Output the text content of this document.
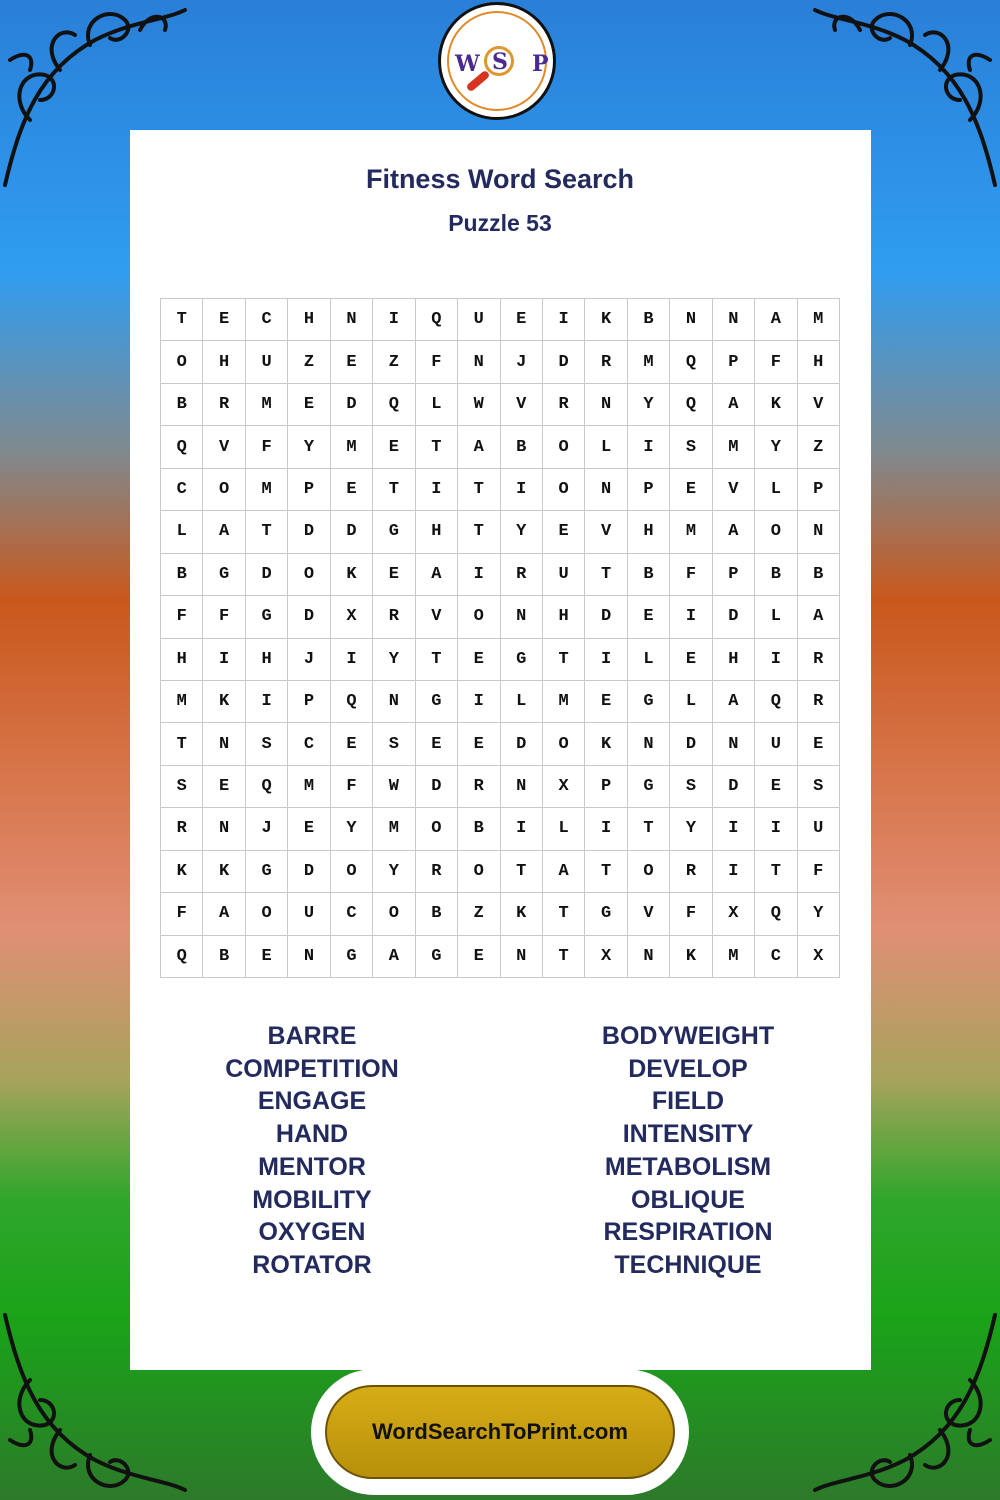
W S P
Fitness Word Search
Puzzle 53
T	E	C	H	N	I	Q	U	E	I	K	B	N	N	A	M
O	H	U	Z	E	Z	F	N	J	D	R	M	Q	P	F	H
B	R	M	E	D	Q	L	W	V	R	N	Y	Q	A	K	V
Q	V	F	Y	M	E	T	A	B	O	L	I	S	M	Y	Z
C	O	M	P	E	T	I	T	I	O	N	P	E	V	L	P
L	A	T	D	D	G	H	T	Y	E	V	H	M	A	O	N
B	G	D	O	K	E	A	I	R	U	T	B	F	P	B	B
F	F	G	D	X	R	V	O	N	H	D	E	I	D	L	A
H	I	H	J	I	Y	T	E	G	T	I	L	E	H	I	R
M	K	I	P	Q	N	G	I	L	M	E	G	L	A	Q	R
T	N	S	C	E	S	E	E	D	O	K	N	D	N	U	E
S	E	Q	M	F	W	D	R	N	X	P	G	S	D	E	S
R	N	J	E	Y	M	O	B	I	L	I	T	Y	I	I	U
K	K	G	D	O	Y	R	O	T	A	T	O	R	I	T	F
F	A	O	U	C	O	B	Z	K	T	G	V	F	X	Q	Y
Q	B	E	N	G	A	G	E	N	T	X	N	K	M	C	X
BARRE
COMPETITION
ENGAGE
HAND
MENTOR
MOBILITY
OXYGEN
ROTATOR
BODYWEIGHT
DEVELOP
FIELD
INTENSITY
METABOLISM
OBLIQUE
RESPIRATION
TECHNIQUE
WordSearchToPrint.com
